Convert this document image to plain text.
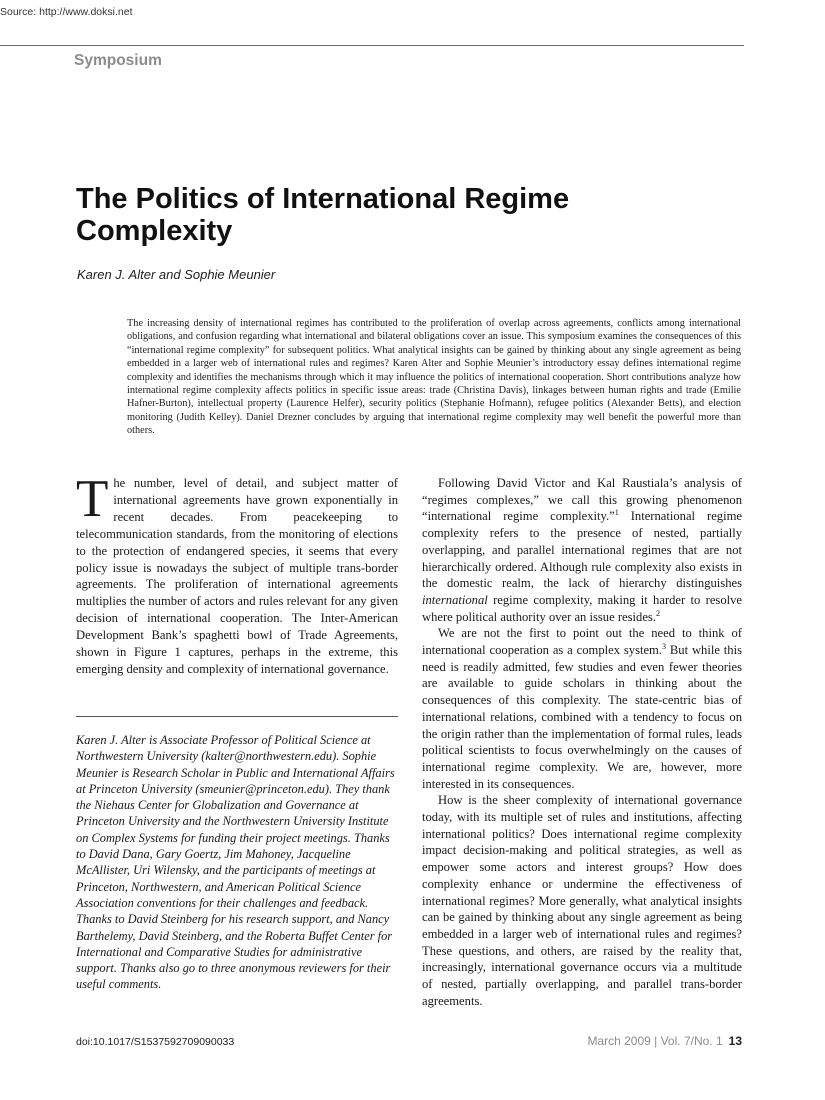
Source: http://www.doksi.net
Symposium
The Politics of International Regime Complexity
Karen J. Alter and Sophie Meunier

The increasing density of international regimes has contributed to the proliferation of overlap across agreements, conflicts among international obligations, and confusion regarding what international and bilateral obligations cover an issue. This symposium examines the consequences of this “international regime complexity” for subsequent politics. What analytical insights can be gained by thinking about any single agreement as being embedded in a larger web of international rules and regimes? Karen Alter and Sophie Meunier’s introductory essay defines international regime complexity and identifies the mechanisms through which it may influence the politics of international cooperation. Short contributions analyze how international regime complexity affects politics in specific issue areas: trade (Christina Davis), linkages between human rights and trade (Emilie Hafner-Burton), intellectual property (Laurence Helfer), security politics (Stephanie Hofmann), refugee politics (Alexander Betts), and election monitoring (Judith Kelley). Daniel Drezner concludes by arguing that international regime complexity may well benefit the powerful more than others.

The number, level of detail, and subject matter of international agreements have grown exponentially in recent decades. From peacekeeping to telecommunication standards, from the monitoring of elections to the protection of endangered species, it seems that every policy issue is nowadays the subject of multiple trans-border agreements. The proliferation of international agreements multiplies the number of actors and rules relevant for any given decision of international cooperation. The Inter-American Development Bank’s spaghetti bowl of Trade Agreements, shown in Figure 1 captures, perhaps in the extreme, this emerging density and complexity of international governance.

Karen J. Alter is Associate Professor of Political Science at Northwestern University (kalter@northwestern.edu). Sophie Meunier is Research Scholar in Public and International Affairs at Princeton University (smeunier@princeton.edu). They thank the Niehaus Center for Globalization and Governance at Princeton University and the Northwestern University Institute on Complex Systems for funding their project meetings. Thanks to David Dana, Gary Goertz, Jim Mahoney, Jacqueline McAllister, Uri Wilensky, and the participants of meetings at Princeton, Northwestern, and American Political Science Association conventions for their challenges and feedback. Thanks to David Steinberg for his research support, and Nancy Barthelemy, David Steinberg, and the Roberta Buffet Center for International and Comparative Studies for administrative support. Thanks also go to three anonymous reviewers for their useful comments.

Following David Victor and Kal Raustiala’s analysis of “regimes complexes,” we call this growing phenomenon “international regime complexity.”$^1$ International regime complexity refers to the presence of nested, partially overlapping, and parallel international regimes that are not hierarchically ordered. Although rule complexity also exists in the domestic realm, the lack of hierarchy distinguishes international regime complexity, making it harder to resolve where political authority over an issue resides.$^2$

We are not the first to point out the need to think of international cooperation as a complex system.$^3$ But while this need is readily admitted, few studies and even fewer theories are available to guide scholars in thinking about the consequences of this complexity. The state-centric bias of international relations, combined with a tendency to focus on the origin rather than the implementation of formal rules, leads political scientists to focus overwhelmingly on the causes of international regime complexity. We are, however, more interested in its consequences.

How is the sheer complexity of international governance today, with its multiple set of rules and institutions, affecting international politics? Does international regime complexity impact decision-making and political strategies, as well as empower some actors and interest groups? How does complexity enhance or undermine the effectiveness of international regimes? More generally, what analytical insights can be gained by thinking about any single agreement as being embedded in a larger web of international rules and regimes? These questions, and others, are raised by the reality that, increasingly, international governance occurs via a multitude of nested, partially overlapping, and parallel trans-border agreements.

doi:10.1017/S1537592709090033	March 2009 | Vol. 7/No. 1 13
